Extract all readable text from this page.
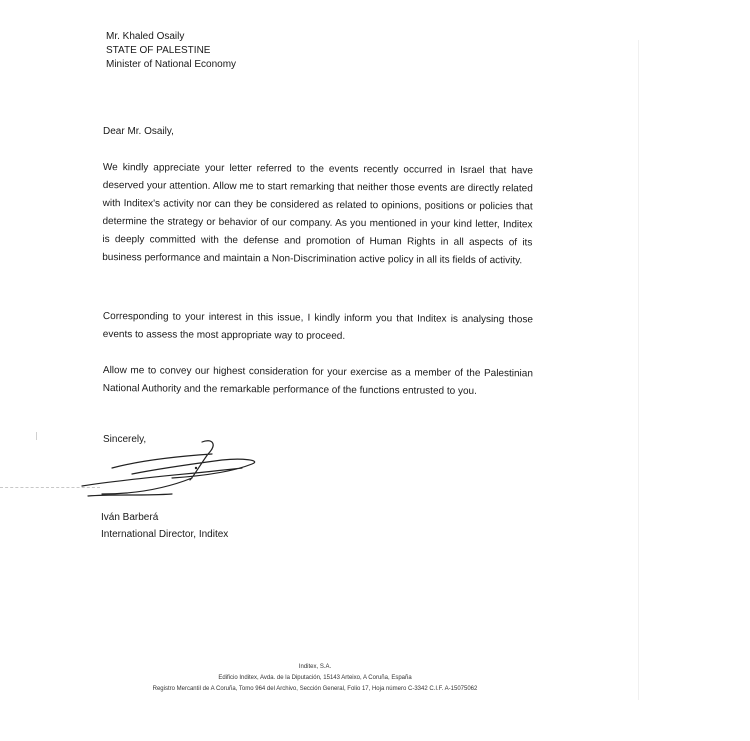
Mr. Khaled Osaily
STATE OF PALESTINE
Minister of National Economy
Dear Mr. Osaily,
We kindly appreciate your letter referred to the events recently occurred in Israel that have deserved your attention. Allow me to start remarking that neither those events are directly related with Inditex's activity nor can they be considered as related to opinions, positions or policies that determine the strategy or behavior of our company. As you mentioned in your kind letter, Inditex is deeply committed with the defense and promotion of Human Rights in all aspects of its business performance and maintain a Non-Discrimination active policy in all its fields of activity.
Corresponding to your interest in this issue, I kindly inform you that Inditex is analysing those events to assess the most appropriate way to proceed.
Allow me to convey our highest consideration for your exercise as a member of the Palestinian National Authority and the remarkable performance of the functions entrusted to you.
Sincerely,
Iván Barberá
International Director, Inditex
Inditex, S.A.
Edificio Inditex, Avda. de la Diputación, 15143 Arteixo, A Coruña, España
Registro Mercantil de A Coruña, Tomo 964 del Archivo, Sección General, Folio 17, Hoja número C-3342 C.I.F. A-15075062
